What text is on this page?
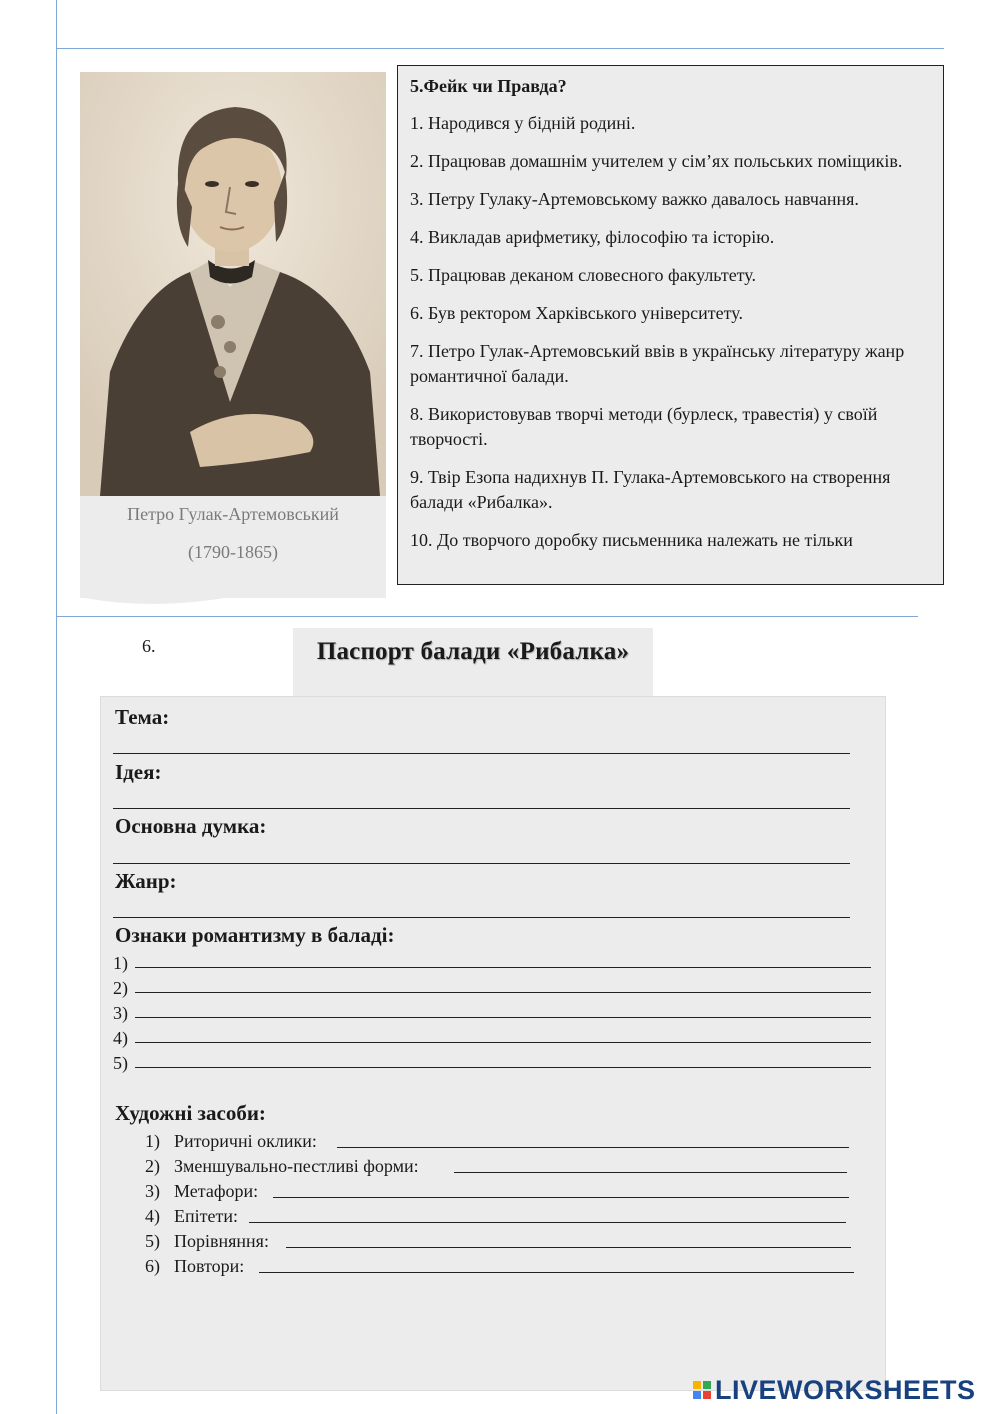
Петро Гулак-Артемовський
(1790-1865)
5.Фейк чи Правда?

1. Народився у бідній родині.

2. Працював домашнім учителем у сім’ях польських поміщиків.

3. Петру Гулаку-Артемовському важко давалось навчання.

4. Викладав арифметику, філософію та історію.

5. Працював деканом словесного факультету.

6. Був ректором Харківського університету.

7. Петро Гулак-Артемовський ввів в українську літературу жанр романтичної балади.

8. Використовував творчі методи (бурлеск, травестія) у своїй творчості.

9. Твір Езопа надихнув П. Гулака-Артемовського на створення балади «Рибалка».

10. До творчого доробку письменника належать не тільки

6.	Паспорт балади «Рибалка»
Тема:
Ідея:
Основна думка:
Жанр:
Ознаки романтизму в баладі:
1)
2)
3)
4)
5)
Художні засоби:
1) Риторичні оклики:
2) Зменшувально-пестливі форми:
3) Метафори:
4) Епітети:
5) Порівняння:
6) Повтори:
LIVEWORKSHEETS
